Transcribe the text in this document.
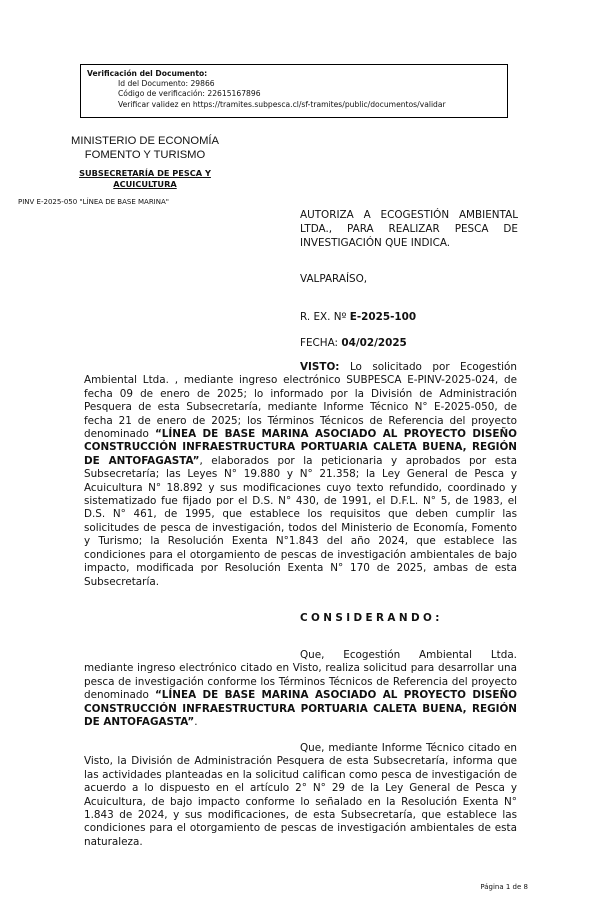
Verificación del Documento:
• Id del Documento: 29866
• Código de verificación: 22615167896
• Verificar validez en https://tramites.subpesca.cl/sf-tramites/public/documentos/validar
MINISTERIO DE ECONOMÍA
FOMENTO Y TURISMO
SUBSECRETARÍA DE PESCA Y
ACUICULTURA
PINV E-2025-050 "LÍNEA DE BASE MARINA"
AUTORIZA A ECOGESTIÓN AMBIENTAL LTDA., PARA REALIZAR PESCA DE INVESTIGACIÓN QUE INDICA.
VALPARAÍSO,
R. EX. Nº E-2025-100
FECHA: 04/02/2025
VISTO: Lo solicitado por Ecogestión Ambiental Ltda. , mediante ingreso electrónico SUBPESCA E-PINV-2025-024, de fecha 09 de enero de 2025; lo informado por la División de Administración Pesquera de esta Subsecretaría, mediante Informe Técnico N° E-2025-050, de fecha 21 de enero de 2025; los Términos Técnicos de Referencia del proyecto denominado “LÍNEA DE BASE MARINA ASOCIADO AL PROYECTO DISEÑO CONSTRUCCIÓN INFRAESTRUCTURA PORTUARIA CALETA BUENA, REGIÓN DE ANTOFAGASTA”, elaborados por la peticionaria y aprobados por esta Subsecretaría; las Leyes N° 19.880 y N° 21.358; la Ley General de Pesca y Acuicultura N° 18.892 y sus modificaciones cuyo texto refundido, coordinado y sistematizado fue fijado por el D.S. N° 430, de 1991, el D.F.L. N° 5, de 1983, el D.S. N° 461, de 1995, que establece los requisitos que deben cumplir las solicitudes de pesca de investigación, todos del Ministerio de Economía, Fomento y Turismo; la Resolución Exenta N°1.843 del año 2024, que establece las condiciones para el otorgamiento de pescas de investigación ambientales de bajo impacto, modificada por Resolución Exenta N° 170 de 2025, ambas de esta Subsecretaría.
CONSIDERANDO:
Que, Ecogestión Ambiental Ltda. mediante ingreso electrónico citado en Visto, realiza solicitud para desarrollar una pesca de investigación conforme los Términos Técnicos de Referencia del proyecto denominado “LÍNEA DE BASE MARINA ASOCIADO AL PROYECTO DISEÑO CONSTRUCCIÓN INFRAESTRUCTURA PORTUARIA CALETA BUENA, REGIÓN DE ANTOFAGASTA”.
Que, mediante Informe Técnico citado en Visto, la División de Administración Pesquera de esta Subsecretaría, informa que las actividades planteadas en la solicitud califican como pesca de investigación de acuerdo a lo dispuesto en el artículo 2° N° 29 de la Ley General de Pesca y Acuicultura, de bajo impacto conforme lo señalado en la Resolución Exenta N° 1.843 de 2024, y sus modificaciones, de esta Subsecretaría, que establece las condiciones para el otorgamiento de pescas de investigación ambientales de esta naturaleza.
Página 1 de 8
